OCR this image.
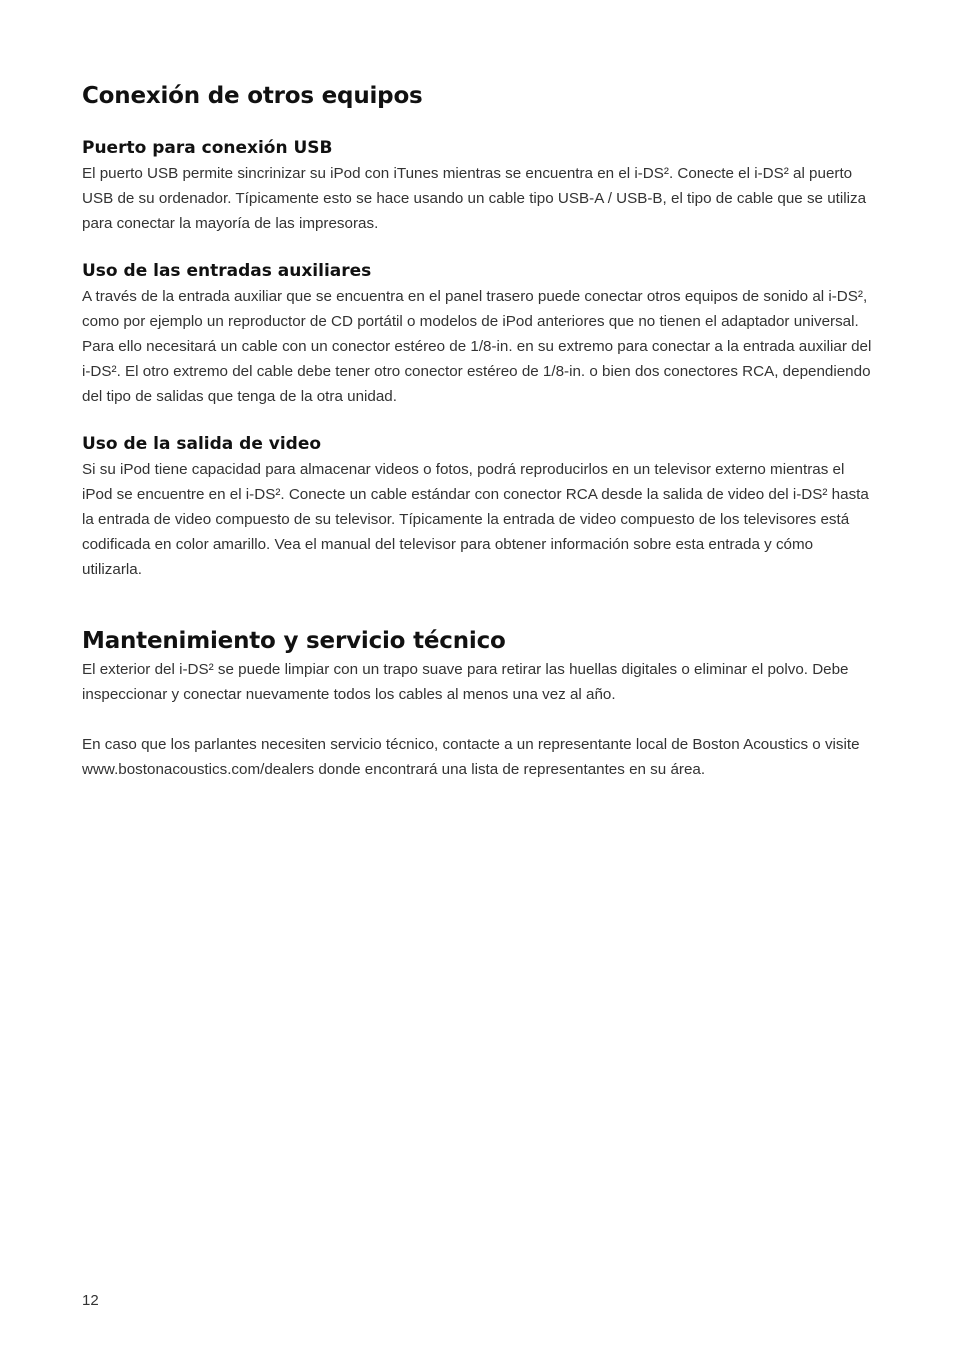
Conexión de otros equipos
Puerto para conexión USB

El puerto USB permite sincrinizar su iPod con iTunes mientras se encuentra en el i-DS². Conecte el i-DS² al puerto USB de su ordenador. Típicamente esto se hace usando un cable tipo USB-A / USB-B, el tipo de cable que se utiliza para conectar la mayoría de las impresoras.

Uso de las entradas auxiliares

A través de la entrada auxiliar que se encuentra en el panel trasero puede conectar otros equipos de sonido al i-DS², como por ejemplo un reproductor de CD portátil o modelos de iPod anteriores que no tienen el adaptador universal. Para ello necesitará un cable con un conector estéreo de 1/8-in. en su extremo para conectar a la entrada auxiliar del i-DS². El otro extremo del cable debe tener otro conector estéreo de 1/8-in. o bien dos conectores RCA, dependiendo del tipo de salidas que tenga de la otra unidad.

Uso de la salida de video

Si su iPod tiene capacidad para almacenar videos o fotos, podrá reproducirlos en un televisor externo mientras el iPod se encuentre en el i-DS². Conecte un cable estándar con conector RCA desde la salida de video del i-DS² hasta la entrada de video compuesto de su televisor. Típicamente la entrada de video compuesto de los televisores está codificada en color amarillo. Vea el manual del televisor para obtener información sobre esta entrada y cómo utilizarla.

Mantenimiento y servicio técnico

El exterior del i-DS² se puede limpiar con un trapo suave para retirar las huellas digitales o eliminar el polvo. Debe inspeccionar y conectar nuevamente todos los cables al menos una vez al año.

En caso que los parlantes necesiten servicio técnico, contacte a un representante local de Boston Acoustics o visite www.bostonacoustics.com/dealers donde encontrará una lista de representantes en su área.

12
